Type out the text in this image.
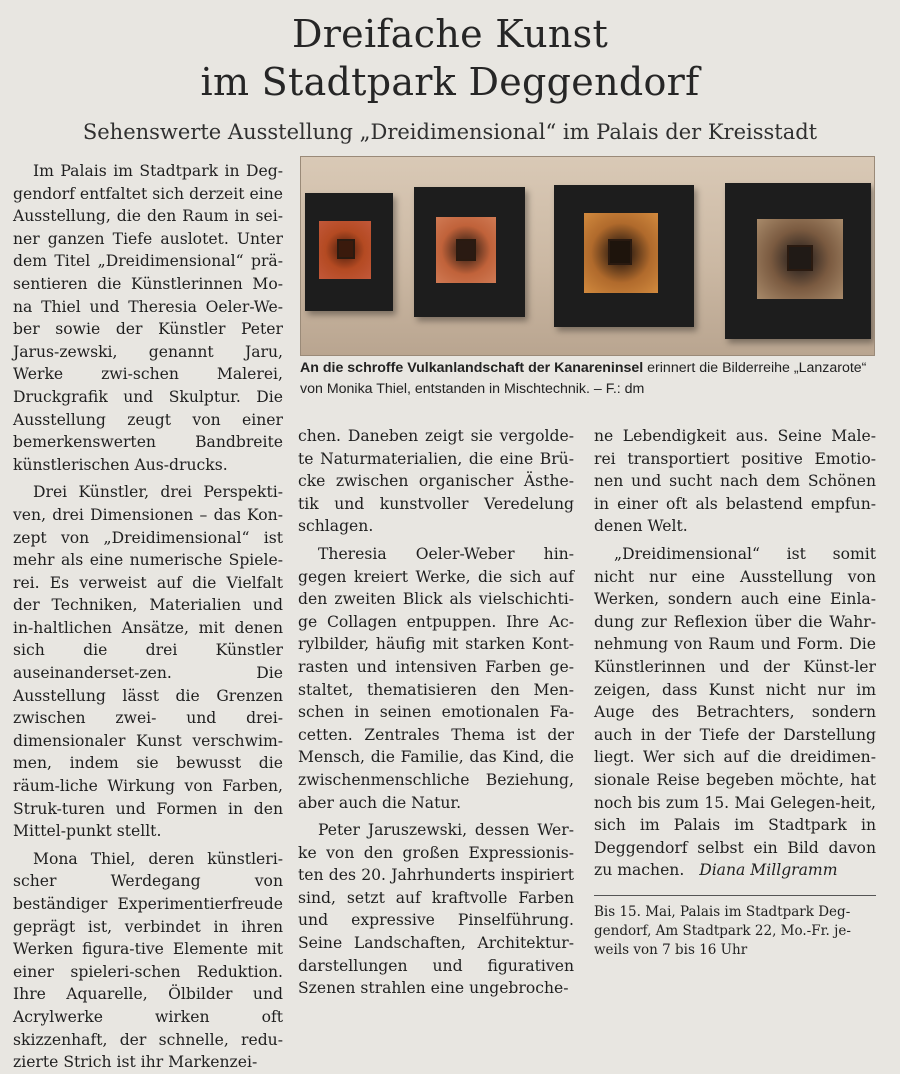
Dreifache Kunst
im Stadtpark Deggendorf
Sehenswerte Ausstellung „Dreidimensional“ im Palais der Kreisstadt

Im Palais im Stadtpark in Deg-gendorf entfaltet sich derzeit eine Ausstellung, die den Raum in sei-ner ganzen Tiefe auslotet. Unter dem Titel „Dreidimensional“ prä-sentieren die Künstlerinnen Mo-na Thiel und Theresia Oeler-We-ber sowie der Künstler Peter Jarus-zewski, genannt Jaru, Werke zwi-schen Malerei, Druckgrafik und Skulptur. Die Ausstellung zeugt von einer bemerkenswerten Bandbreite künstlerischen Aus-drucks.

Drei Künstler, drei Perspekti-ven, drei Dimensionen – das Kon-zept von „Dreidimensional“ ist mehr als eine numerische Spiele-rei. Es verweist auf die Vielfalt der Techniken, Materialien und in-haltlichen Ansätze, mit denen sich die drei Künstler auseinanderset-zen. Die Ausstellung lässt die Grenzen zwischen zwei- und drei-dimensionaler Kunst verschwim-men, indem sie bewusst die räum-liche Wirkung von Farben, Struk-turen und Formen in den Mittel-punkt stellt.

Mona Thiel, deren künstleri-scher Werdegang von beständiger Experimentierfreude geprägt ist, verbindet in ihren Werken figura-tive Elemente mit einer spieleri-schen Reduktion. Ihre Aquarelle, Ölbilder und Acrylwerke wirken oft skizzenhaft, der schnelle, redu-zierte Strich ist ihr Markenzei-

An die schroffe Vulkanlandschaft der Kanareninsel erinnert die Bilderreihe „Lanzarote“ von Monika Thiel, entstanden in Mischtechnik. – F.: dm

chen. Daneben zeigt sie vergolde-te Naturmaterialien, die eine Brü-cke zwischen organischer Ästhe-tik und kunstvoller Veredelung schlagen.

Theresia Oeler-Weber hin-gegen kreiert Werke, die sich auf den zweiten Blick als vielschichti-ge Collagen entpuppen. Ihre Ac-rylbilder, häufig mit starken Kont-rasten und intensiven Farben ge-staltet, thematisieren den Men-schen in seinen emotionalen Fa-cetten. Zentrales Thema ist der Mensch, die Familie, das Kind, die zwischenmenschliche Beziehung, aber auch die Natur.

Peter Jaruszewski, dessen Wer-ke von den großen Expressionis-ten des 20. Jahrhunderts inspiriert sind, setzt auf kraftvolle Farben und expressive Pinselführung. Seine Landschaften, Architektur-darstellungen und figurativen Szenen strahlen eine ungebroche-

ne Lebendigkeit aus. Seine Male-rei transportiert positive Emotio-nen und sucht nach dem Schönen in einer oft als belastend empfun-denen Welt.

„Dreidimensional“ ist somit nicht nur eine Ausstellung von Werken, sondern auch eine Einla-dung zur Reflexion über die Wahr-nehmung von Raum und Form. Die Künstlerinnen und der Künst-ler zeigen, dass Kunst nicht nur im Auge des Betrachters, sondern auch in der Tiefe der Darstellung liegt. Wer sich auf die dreidimen-sionale Reise begeben möchte, hat noch bis zum 15. Mai Gelegen-heit, sich im Palais im Stadtpark in Deggendorf selbst ein Bild davon zu machen. Diana Millgramm

Bis 15. Mai, Palais im Stadtpark Deg-gendorf, Am Stadtpark 22, Mo.-Fr. je-weils von 7 bis 16 Uhr
